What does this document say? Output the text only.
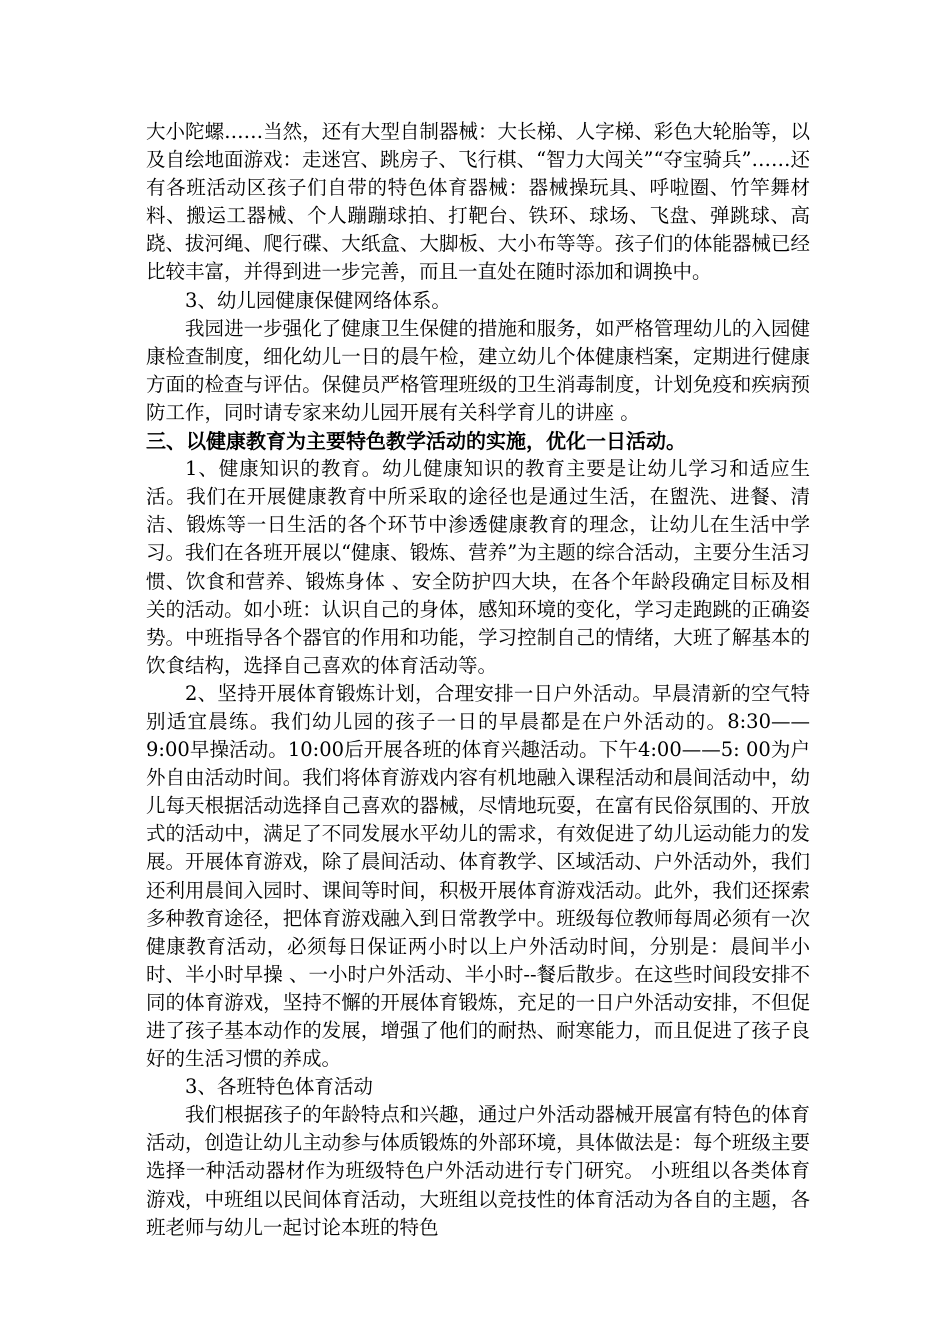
大小陀螺……当然，还有大型自制器械：大长梯、人字梯、彩色大轮胎等，以及自绘地面游戏：走迷宫、跳房子、飞行棋、“智力大闯关”“夺宝骑兵”……还有各班活动区孩子们自带的特色体育器械：器械操玩具、呼啦圈、竹竿舞材料、搬运工器械、个人蹦蹦球拍、打靶台、铁环、球场、飞盘、弹跳球、高跷、拔河绳、爬行碟、大纸盒、大脚板、大小布等等。孩子们的体能器械已经比较丰富，并得到进一步完善，而且一直处在随时添加和调换中。

3、幼儿园健康保健网络体系。

我园进一步强化了健康卫生保健的措施和服务，如严格管理幼儿的入园健康检查制度，细化幼儿一日的晨午检，建立幼儿个体健康档案，定期进行健康方面的检查与评估。保健员严格管理班级的卫生消毒制度，计划免疫和疾病预防工作，同时请专家来幼儿园开展有关科学育儿的讲座 。

三、以健康教育为主要特色教学活动的实施，优化一日活动。

1、健康知识的教育。幼儿健康知识的教育主要是让幼儿学习和适应生活。我们在开展健康教育中所采取的途径也是通过生活，在盥洗、进餐、清洁、锻炼等一日生活的各个环节中渗透健康教育的理念，让幼儿在生活中学习。我们在各班开展以“健康、锻炼、营养”为主题的综合活动，主要分生活习惯、饮食和营养、锻炼身体 、安全防护四大块，在各个年龄段确定目标及相关的活动。如小班：认识自己的身体，感知环境的变化，学习走跑跳的正确姿势。中班指导各个器官的作用和功能，学习控制自己的情绪，大班了解基本的饮食结构，选择自己喜欢的体育活动等。

2、坚持开展体育锻炼计划，合理安排一日户外活动。早晨清新的空气特别适宜晨练。我们幼儿园的孩子一日的早晨都是在户外活动的。8:30——9:00早操活动。10:00后开展各班的体育兴趣活动。下午4:00——5: 00为户外自由活动时间。我们将体育游戏内容有机地融入课程活动和晨间活动中，幼儿每天根据活动选择自己喜欢的器械，尽情地玩耍，在富有民俗氛围的、开放式的活动中，满足了不同发展水平幼儿的需求，有效促进了幼儿运动能力的发展。开展体育游戏，除了晨间活动、体育教学、区域活动、户外活动外，我们还利用晨间入园时、课间等时间，积极开展体育游戏活动。此外，我们还探索多种教育途径，把体育游戏融入到日常教学中。班级每位教师每周必须有一次健康教育活动，必须每日保证两小时以上户外活动时间，分别是：晨间半小时、半小时早操 、一小时户外活动、半小时--餐后散步。在这些时间段安排不同的体育游戏，坚持不懈的开展体育锻炼，充足的一日户外活动安排，不但促进了孩子基本动作的发展，增强了他们的耐热、耐寒能力，而且促进了孩子良好的生活习惯的养成。

3、各班特色体育活动

我们根据孩子的年龄特点和兴趣，通过户外活动器械开展富有特色的体育活动，创造让幼儿主动参与体质锻炼的外部环境，具体做法是：每个班级主要选择一种活动器材作为班级特色户外活动进行专门研究。 小班组以各类体育游戏，中班组以民间体育活动，大班组以竞技性的体育活动为各自的主题，各班老师与幼儿一起讨论本班的特色
